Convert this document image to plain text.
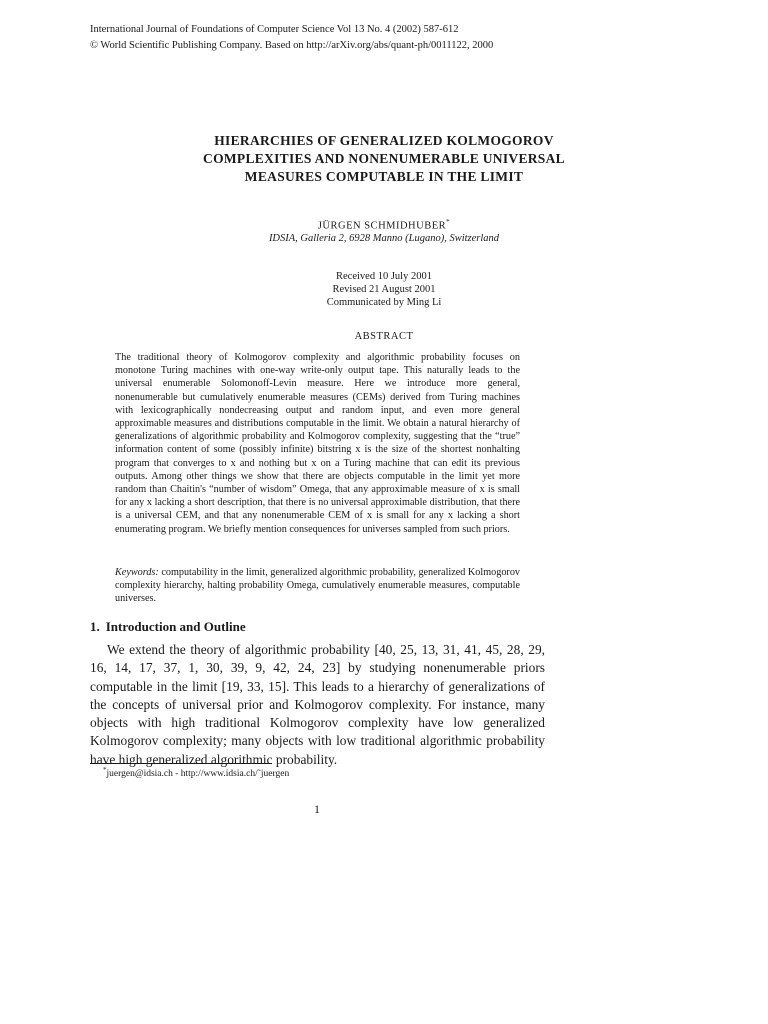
International Journal of Foundations of Computer Science Vol 13 No. 4 (2002) 587-612
© World Scientific Publishing Company. Based on http://arXiv.org/abs/quant-ph/0011122, 2000
HIERARCHIES OF GENERALIZED KOLMOGOROV
COMPLEXITIES AND NONENUMERABLE UNIVERSAL
MEASURES COMPUTABLE IN THE LIMIT
JÜRGEN SCHMIDHUBER*
IDSIA, Galleria 2, 6928 Manno (Lugano), Switzerland
Received 10 July 2001
Revised 21 August 2001
Communicated by Ming Li
ABSTRACT
The traditional theory of Kolmogorov complexity and algorithmic probability focuses on monotone Turing machines with one-way write-only output tape. This naturally leads to the universal enumerable Solomonoff-Levin measure. Here we introduce more general, nonenumerable but cumulatively enumerable measures (CEMs) derived from Turing machines with lexicographically nondecreasing output and random input, and even more general approximable measures and distributions computable in the limit. We obtain a natural hierarchy of generalizations of algorithmic probability and Kolmogorov complexity, suggesting that the “true” information content of some (possibly infinite) bitstring x is the size of the shortest nonhalting program that converges to x and nothing but x on a Turing machine that can edit its previous outputs. Among other things we show that there are objects computable in the limit yet more random than Chaitin's “number of wisdom” Omega, that any approximable measure of x is small for any x lacking a short description, that there is no universal approximable distribution, that there is a universal CEM, and that any nonenumerable CEM of x is small for any x lacking a short enumerating program. We briefly mention consequences for universes sampled from such priors.
Keywords: computability in the limit, generalized algorithmic probability, generalized Kolmogorov complexity hierarchy, halting probability Omega, cumulatively enumerable measures, computable universes.
1. Introduction and Outline
We extend the theory of algorithmic probability [40, 25, 13, 31, 41, 45, 28, 29, 16, 14, 17, 37, 1, 30, 39, 9, 42, 24, 23] by studying nonenumerable priors computable in the limit [19, 33, 15]. This leads to a hierarchy of generalizations of the concepts of universal prior and Kolmogorov complexity. For instance, many objects with high traditional Kolmogorov complexity have low generalized Kolmogorov complexity; many objects with low traditional algorithmic probability have high generalized algorithmic probability.
*juergen@idsia.ch - http://www.idsia.ch/˜juergen
1
